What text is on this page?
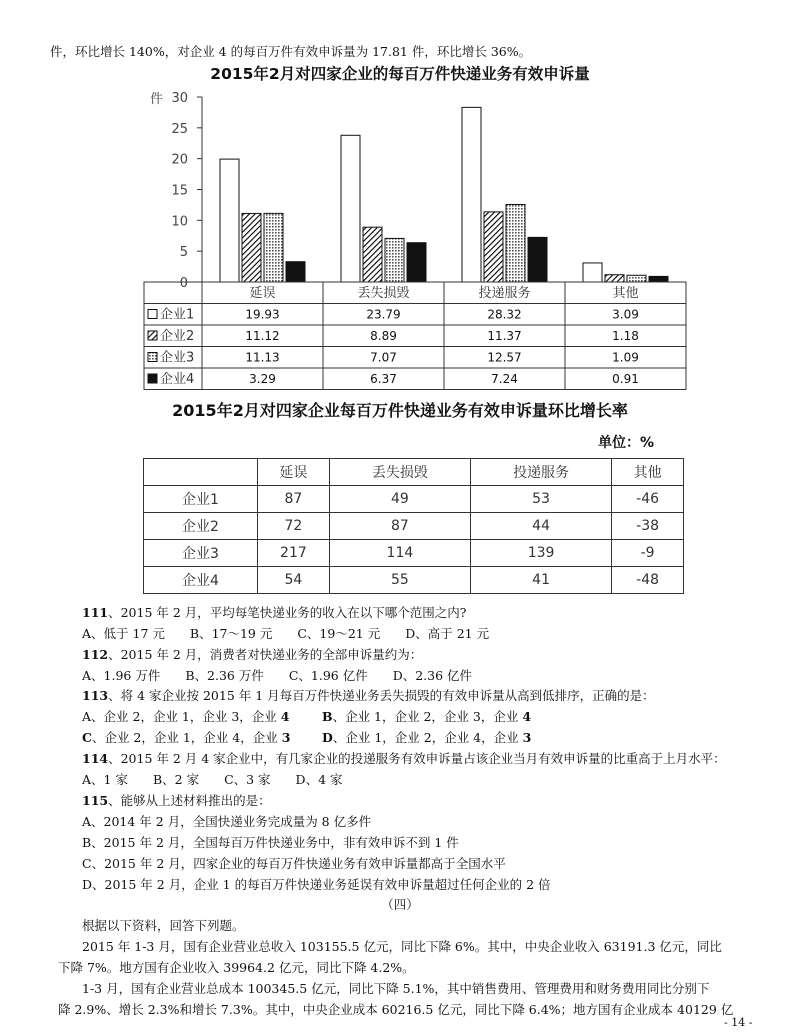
件，环比增长 140%，对企业 4 的每百万件有效申诉量为 17.81 件，环比增长 36%。
2015年2月对四家企业的每百万件快递业务有效申诉量
0
5
10
15
20
25
30
件
延误	丢失损毁	投递服务	其他
企业1	19.93	23.79	28.32	3.09
企业2	11.12	8.89	11.37	1.18
企业3	11.13	7.07	12.57	1.09
企业4	3.29	6.37	7.24	0.91
2015年2月对四家企业每百万件快递业务有效申诉量环比增长率
单位：%
	延误	丢失损毁	投递服务	其他
企业1	87	49	53	-46
企业2	72	87	44	-38
企业3	217	114	139	-9
企业4	54	55	41	-48
111、2015 年 2 月，平均每笔快递业务的收入在以下哪个范围之内?
A、低于 17 元　　B、17～19 元　　C、19～21 元　　D、高于 21 元
112、2015 年 2 月，消费者对快递业务的全部申诉量约为：
A、1.96 万件　　B、2.36 万件　　C、1.96 亿件　　D、2.36 亿件
113、将 4 家企业按 2015 年 1 月每百万件快递业务丢失损毁的有效申诉量从高到低排序，正确的是：
A、企业 2，企业 1，企业 3，企业 4	B、企业 1，企业 2，企业 3，企业 4
C、企业 2，企业 1，企业 4，企业 3	D、企业 1，企业 2，企业 4，企业 3
114、2015 年 2 月 4 家企业中，有几家企业的投递服务有效申诉量占该企业当月有效申诉量的比重高于上月水平：
A、1 家　　B、2 家　　C、3 家　　D、4 家
115、能够从上述材料推出的是：
A、2014 年 2 月，全国快递业务完成量为 8 亿多件
B、2015 年 2 月，全国每百万件快递业务中，非有效申诉不到 1 件
C、2015 年 2 月，四家企业的每百万件快递业务有效申诉量都高于全国水平
D、2015 年 2 月，企业 1 的每百万件快递业务延误有效申诉量超过任何企业的 2 倍
（四）
根据以下资料，回答下列题。
2015 年 1-3 月，国有企业营业总收入 103155.5 亿元，同比下降 6%。其中，中央企业收入 63191.3 亿元，同比
下降 7%。地方国有企业收入 39964.2 亿元，同比下降 4.2%。
1-3 月，国有企业营业总成本 100345.5 亿元，同比下降 5.1%，其中销售费用、管理费用和财务费用同比分别下
降 2.9%、增长 2.3%和增长 7.3%。其中，中央企业成本 60216.5 亿元，同比下降 6.4%；地方国有企业成本 40129 亿
- 14 -
